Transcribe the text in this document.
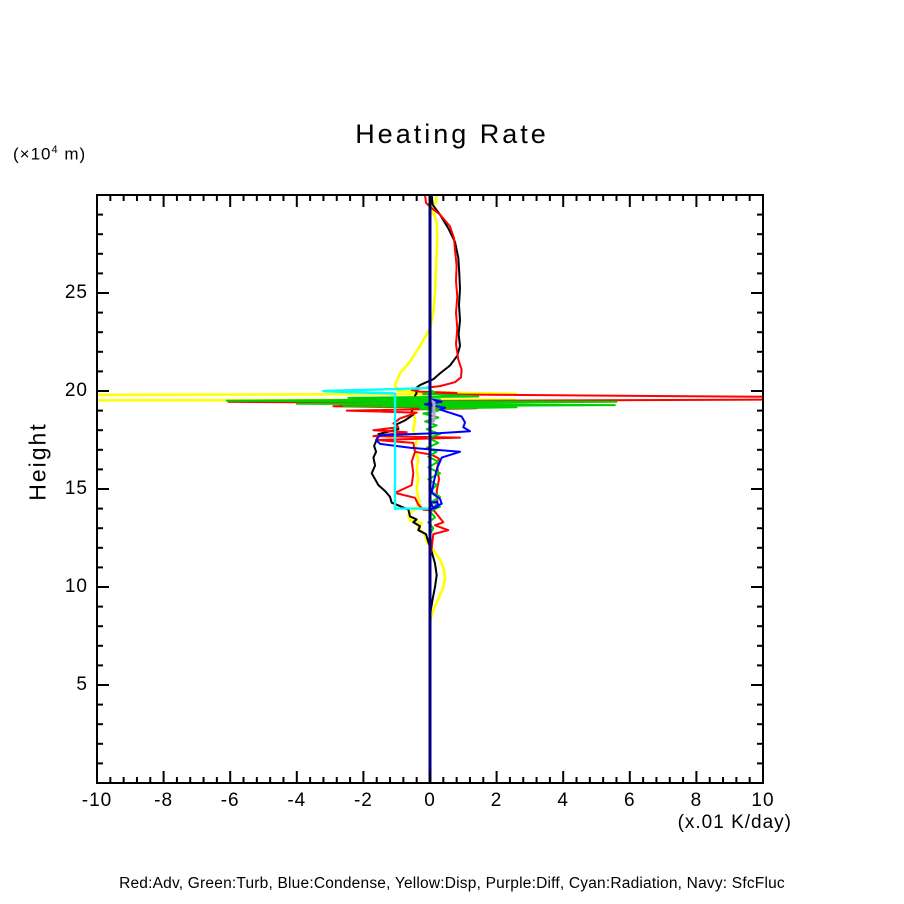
Heating Rate
($\times 10^4$ m)
Height
(x.01 K/day)
Red:Adv, Green:Turb, Blue:Condense, Yellow:Disp, Purple:Diff, Cyan:Radiation, Navy: SfcFluc
-10	-8	-6	-4	-2	0	2	4	6	8	10
5
10
15
20
25
